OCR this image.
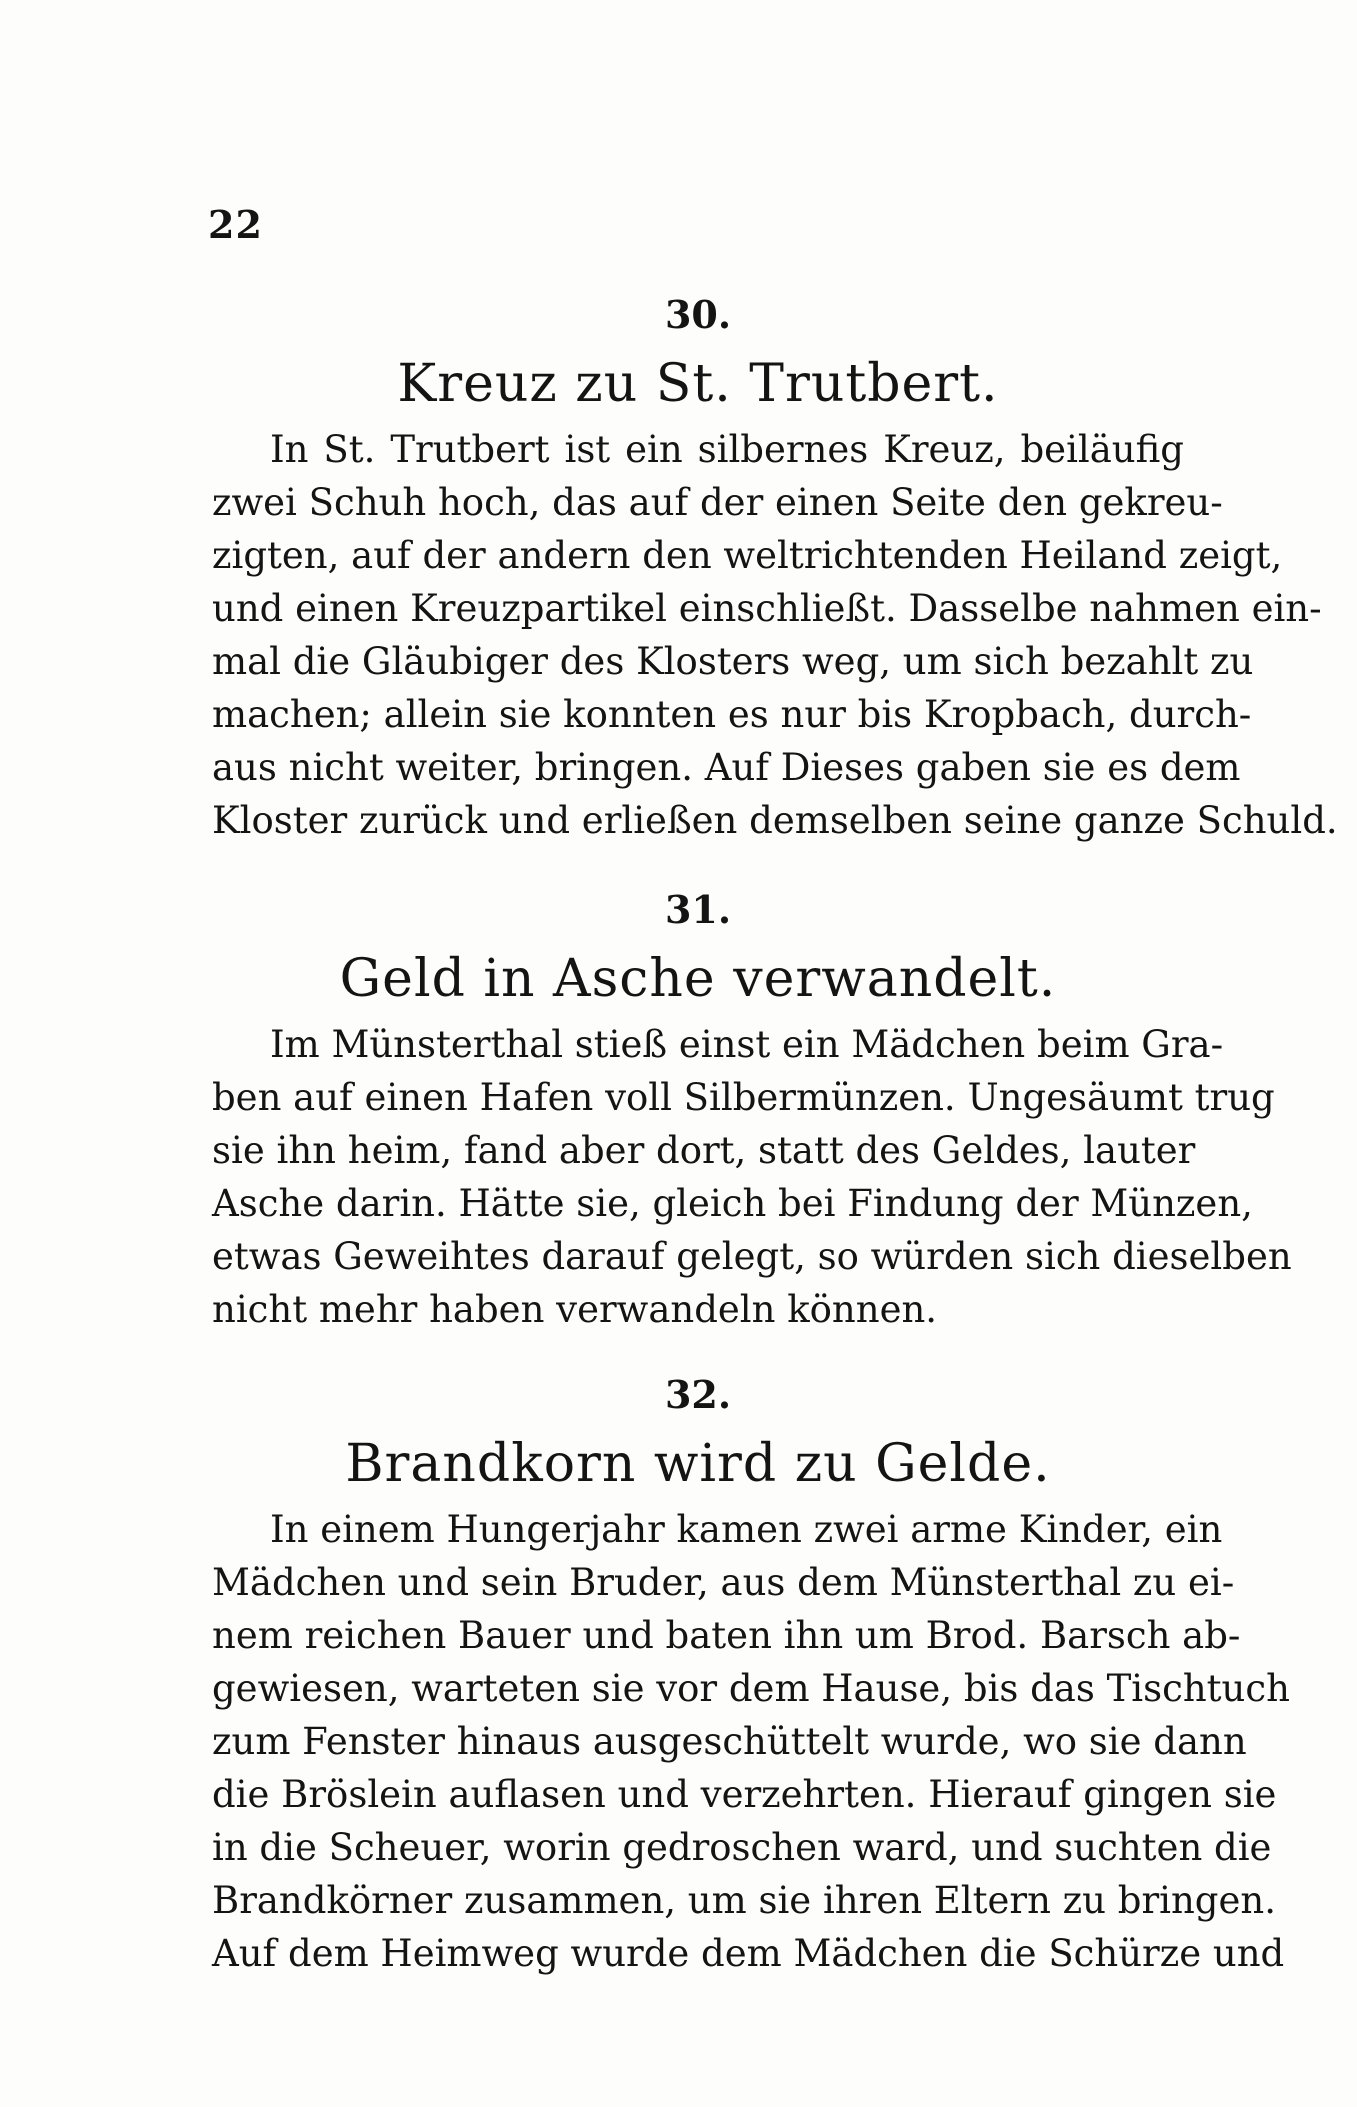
22
30.
Kreuz zu St. Trutbert.
In St. Trutbert ist ein silbernes Kreuz, beiläufig
zwei Schuh hoch, das auf der einen Seite den gekreu-
zigten, auf der andern den weltrichtenden Heiland zeigt,
und einen Kreuzpartikel einschließt. Dasselbe nahmen ein-
mal die Gläubiger des Klosters weg, um sich bezahlt zu
machen; allein sie konnten es nur bis Kropbach, durch-
aus nicht weiter, bringen. Auf Dieses gaben sie es dem
Kloster zurück und erließen demselben seine ganze Schuld.
31.
Geld in Asche verwandelt.
Im Münsterthal stieß einst ein Mädchen beim Gra-
ben auf einen Hafen voll Silbermünzen. Ungesäumt trug
sie ihn heim, fand aber dort, statt des Geldes, lauter
Asche darin. Hätte sie, gleich bei Findung der Münzen,
etwas Geweihtes darauf gelegt, so würden sich dieselben
nicht mehr haben verwandeln können.
32.
Brandkorn wird zu Gelde.
In einem Hungerjahr kamen zwei arme Kinder, ein
Mädchen und sein Bruder, aus dem Münsterthal zu ei-
nem reichen Bauer und baten ihn um Brod. Barsch ab-
gewiesen, warteten sie vor dem Hause, bis das Tischtuch
zum Fenster hinaus ausgeschüttelt wurde, wo sie dann
die Bröslein auflasen und verzehrten. Hierauf gingen sie
in die Scheuer, worin gedroschen ward, und suchten die
Brandkörner zusammen, um sie ihren Eltern zu bringen.
Auf dem Heimweg wurde dem Mädchen die Schürze und
